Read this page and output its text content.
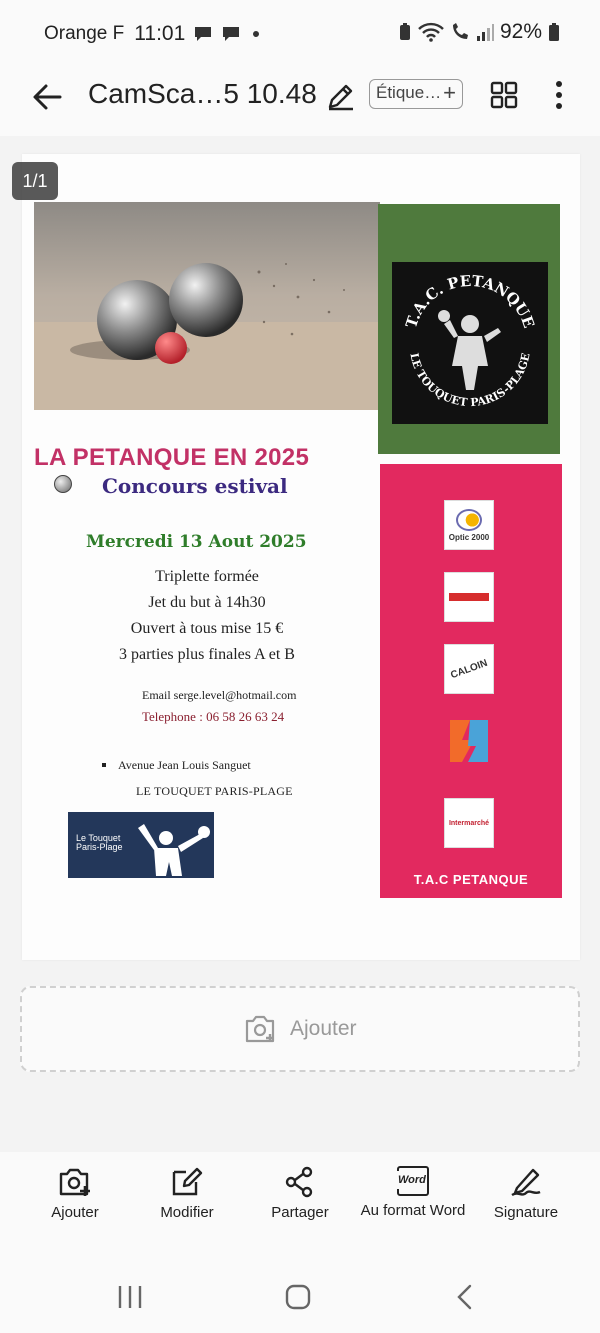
Orange F 11:01	92%
CamSca…5 10.48	Étique… +
T.A.C. PETANQUE
LE TOUQUET PARIS-PLAGE
LA PETANQUE EN 2025
Concours estival
Mercredi 13 Aout 2025
Triplette formée
Jet du but à 14h30
Ouvert à tous mise 15 €
3 parties plus finales A et B
Email serge.level@hotmail.com
Telephone : 06 58 26 63 24
Avenue Jean Louis Sanguet
LE TOUQUET PARIS-PLAGE
Le Touquet
Paris-Plage
Optic 2000
CALOIN
Intermarché
T.A.C PETANQUE
1/1
Ajouter
Ajouter	Modifier	Partager
Word
Au format Word	Signature
